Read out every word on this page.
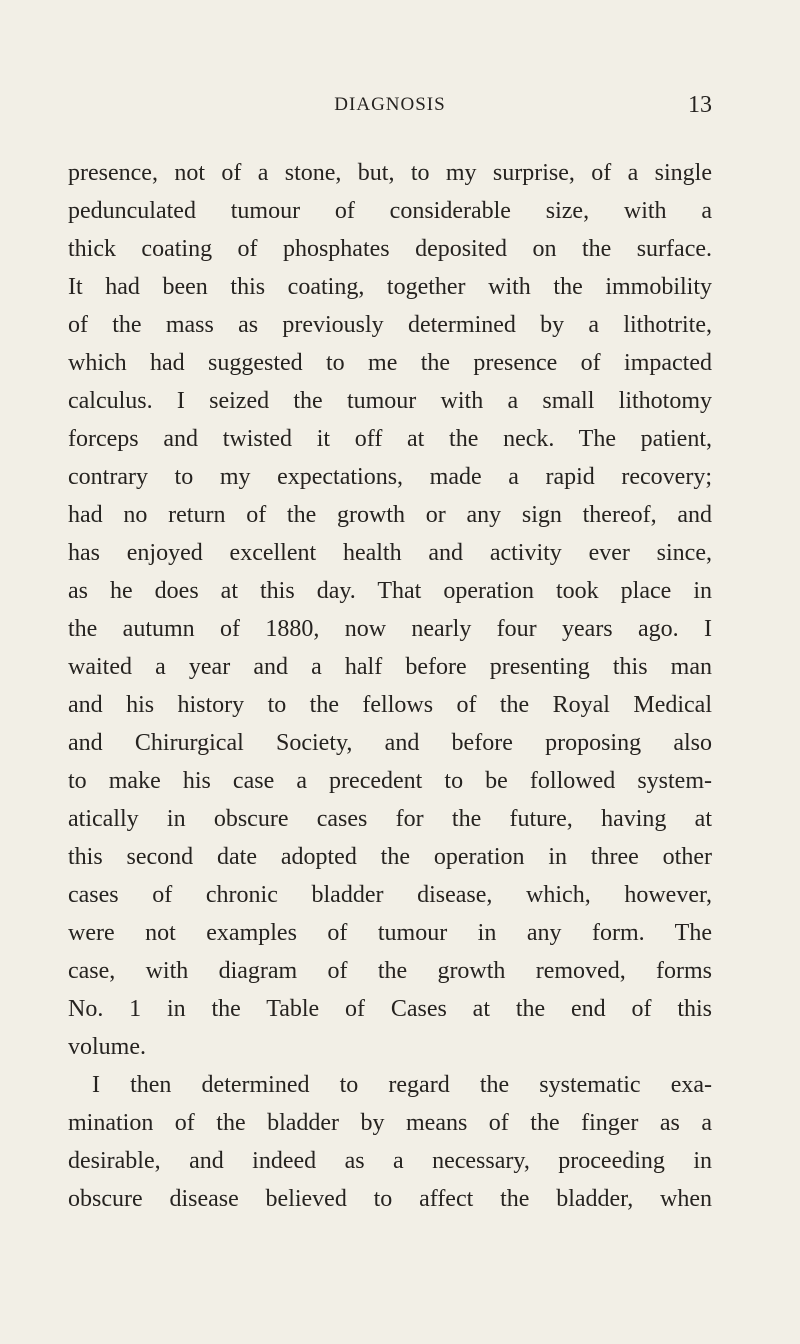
DIAGNOSIS	13
presence, not of a stone, but, to my surprise, of a single
pedunculated tumour of considerable size, with a
thick coating of phosphates deposited on the surface.
It had been this coating, together with the immobility
of the mass as previously determined by a lithotrite,
which had suggested to me the presence of impacted
calculus. I seized the tumour with a small lithotomy
forceps and twisted it off at the neck. The patient,
contrary to my expectations, made a rapid recovery;
had no return of the growth or any sign thereof, and
has enjoyed excellent health and activity ever since,
as he does at this day. That operation took place in
the autumn of 1880, now nearly four years ago. I
waited a year and a half before presenting this man
and his history to the fellows of the Royal Medical
and Chirurgical Society, and before proposing also
to make his case a precedent to be followed system-
atically in obscure cases for the future, having at
this second date adopted the operation in three other
cases of chronic bladder disease, which, however,
were not examples of tumour in any form. The
case, with diagram of the growth removed, forms
No. 1 in the Table of Cases at the end of this
volume.
I then determined to regard the systematic exa-
mination of the bladder by means of the finger as a
desirable, and indeed as a necessary, proceeding in
obscure disease believed to affect the bladder, when
